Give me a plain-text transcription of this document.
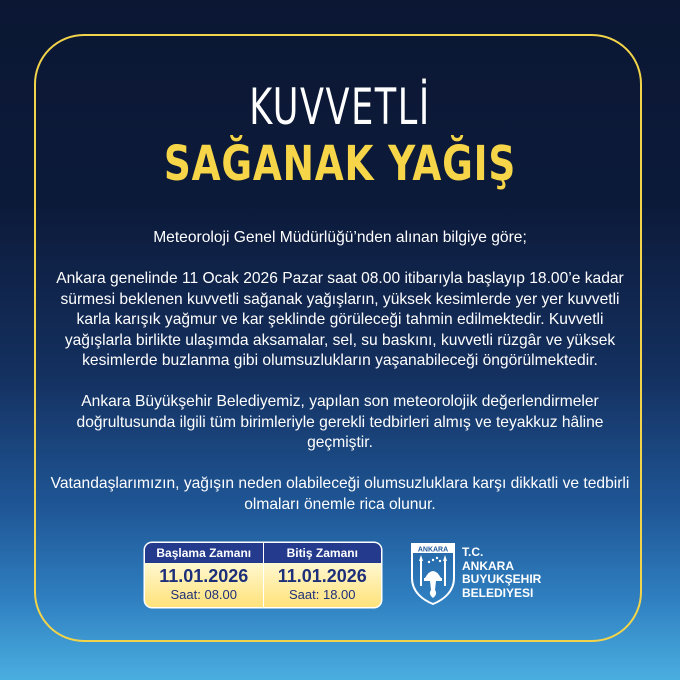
KUVVETLİ
SAĞANAK YAĞIŞ

Meteoroloji Genel Müdürlüğü’nden alınan bilgiye göre;

Ankara genelinde 11 Ocak 2026 Pazar saat 08.00 itibarıyla başlayıp 18.00’e kadar sürmesi beklenen kuvvetli sağanak yağışların, yüksek kesimlerde yer yer kuvvetli karla karışık yağmur ve kar şeklinde görüleceği tahmin edilmektedir. Kuvvetli yağışlarla birlikte ulaşımda aksamalar, sel, su baskını, kuvvetli rüzgâr ve yüksek kesimlerde buzlanma gibi olumsuzlukların yaşanabileceği öngörülmektedir.

Ankara Büyükşehir Belediyemiz, yapılan son meteorolojik değerlendirmeler doğrultusunda ilgili tüm birimleriyle gerekli tedbirleri almış ve teyakkuz hâline geçmiştir.

Vatandaşlarımızın, yağışın neden olabileceği olumsuzluklara karşı dikkatli ve tedbirli olmaları önemle rica olunur.

Başlama Zamanı
11.01.2026
Saat: 08.00
Bitiş Zamanı
11.01.2026
Saat: 18.00
ANKARA T.C.
ANKARA
BUYUKŞEHIR
BELEDIYESI
